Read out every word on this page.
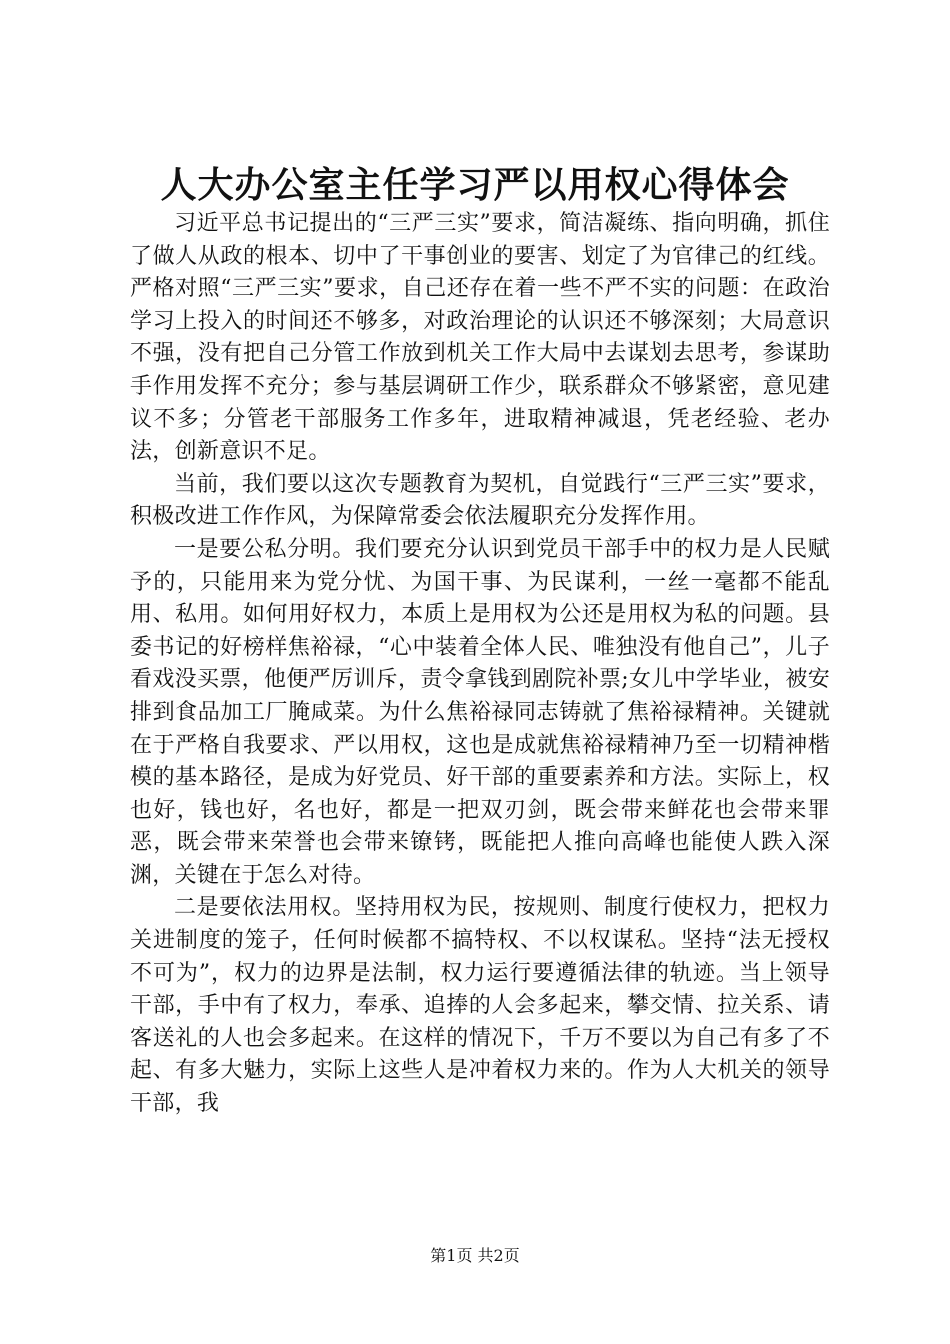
人大办公室主任学习严以用权心得体会

习近平总书记提出的“三严三实”要求，简洁凝练、指向明确，抓住了做人从政的根本、切中了干事创业的要害、划定了为官律己的红线。严格对照“三严三实”要求，自己还存在着一些不严不实的问题：在政治学习上投入的时间还不够多，对政治理论的认识还不够深刻；大局意识不强，没有把自己分管工作放到机关工作大局中去谋划去思考，参谋助手作用发挥不充分；参与基层调研工作少，联系群众不够紧密，意见建议不多；分管老干部服务工作多年，进取精神减退，凭老经验、老办法，创新意识不足。

当前，我们要以这次专题教育为契机，自觉践行“三严三实”要求，积极改进工作作风，为保障常委会依法履职充分发挥作用。

一是要公私分明。我们要充分认识到党员干部手中的权力是人民赋予的，只能用来为党分忧、为国干事、为民谋利，一丝一毫都不能乱用、私用。如何用好权力，本质上是用权为公还是用权为私的问题。县委书记的好榜样焦裕禄，“心中装着全体人民、唯独没有他自己”，儿子看戏没买票，他便严厉训斥，责令拿钱到剧院补票;女儿中学毕业，被安排到食品加工厂腌咸菜。为什么焦裕禄同志铸就了焦裕禄精神。关键就在于严格自我要求、严以用权，这也是成就焦裕禄精神乃至一切精神楷模的基本路径，是成为好党员、好干部的重要素养和方法。实际上，权也好，钱也好，名也好，都是一把双刃剑，既会带来鲜花也会带来罪恶，既会带来荣誉也会带来镣铐，既能把人推向高峰也能使人跌入深渊，关键在于怎么对待。

二是要依法用权。坚持用权为民，按规则、制度行使权力，把权力关进制度的笼子，任何时候都不搞特权、不以权谋私。坚持“法无授权不可为”，权力的边界是法制，权力运行要遵循法律的轨迹。当上领导干部，手中有了权力，奉承、追捧的人会多起来，攀交情、拉关系、请客送礼的人也会多起来。在这样的情况下，千万不要以为自己有多了不起、有多大魅力，实际上这些人是冲着权力来的。作为人大机关的领导干部，我

第1页 共2页
